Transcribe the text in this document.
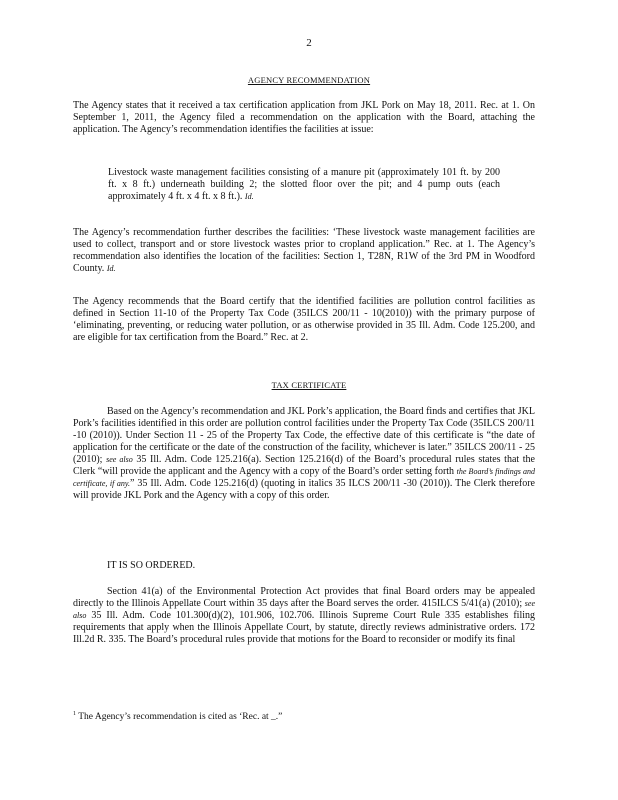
2
AGENCY RECOMMENDATION
The Agency states that it received a tax certification application from JKL Pork on May 18, 2011. Rec. at 1. On September 1, 2011, the Agency filed a recommendation on the application with the Board, attaching the application. The Agency’s recommendation identifies the facilities at issue:
Livestock waste management facilities consisting of a manure pit (approximately 101 ft. by 200 ft. x 8 ft.) underneath building 2; the slotted floor over the pit; and 4 pump outs (each approximately 4 ft. x 4 ft. x 8 ft.). Id.
The Agency’s recommendation further describes the facilities: ‘These livestock waste management facilities are used to collect, transport and or store livestock wastes prior to cropland application.” Rec. at 1. The Agency’s recommendation also identifies the location of the facilities: Section 1, T28N, R1W of the 3rd PM in Woodford County. Id.
The Agency recommends that the Board certify that the identified facilities are pollution control facilities as defined in Section 11-10 of the Property Tax Code (35ILCS 200/11 - 10(2010)) with the primary purpose of ‘eliminating, preventing, or reducing water pollution, or as otherwise provided in 35 Ill. Adm. Code 125.200, and are eligible for tax certification from the Board.” Rec. at 2.
TAX CERTIFICATE
Based on the Agency’s recommendation and JKL Pork’s application, the Board finds and certifies that JKL Pork’s facilities identified in this order are pollution control facilities under the Property Tax Code (35ILCS 200/11 -10 (2010)). Under Section 11 - 25 of the Property Tax Code, the effective date of this certificate is “the date of application for the certificate or the date of the construction of the facility, whichever is later.” 35ILCS 200/11 - 25 (2010); see also 35 Ill. Adm. Code 125.216(a). Section 125.216(d) of the Board’s procedural rules states that the Clerk “will provide the applicant and the Agency with a copy of the Board’s order setting forth the Board’s findings and certificate, if any.” 35 Ill. Adm. Code 125.216(d) (quoting in italics 35 ILCS 200/11 -30 (2010)). The Clerk therefore will provide JKL Pork and the Agency with a copy of this order.
IT IS SO ORDERED.
Section 41(a) of the Environmental Protection Act provides that final Board orders may be appealed directly to the Illinois Appellate Court within 35 days after the Board serves the order. 415ILCS 5/41(a) (2010); see also 35 Ill. Adm. Code 101.300(d)(2), 101.906, 102.706. Illinois Supreme Court Rule 335 establishes filing requirements that apply when the Illinois Appellate Court, by statute, directly reviews administrative orders. 172 Ill.2d R. 335. The Board’s procedural rules provide that motions for the Board to reconsider or modify its final
$^1$ The Agency’s recommendation is cited as ‘Rec. at _.”
